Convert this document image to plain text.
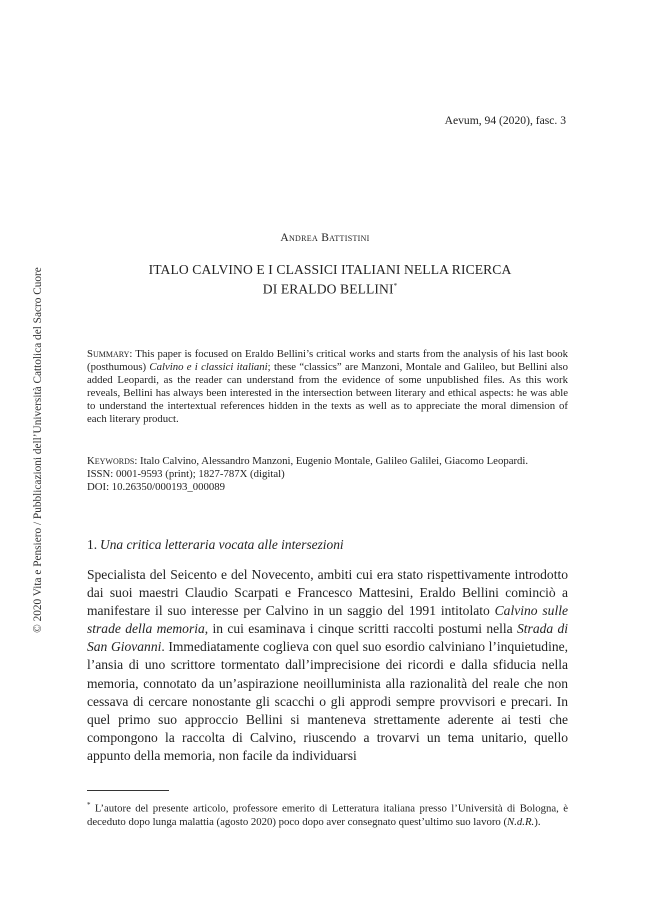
© 2020 Vita e Pensiero / Pubblicazioni dell’Università Cattolica del Sacro Cuore
Aevum, 94 (2020), fasc. 3
Andrea Battistini
ITALO CALVINO E I CLASSICI ITALIANI NELLA RICERCA
DI ERALDO BELLINI*
Summary: This paper is focused on Eraldo Bellini’s critical works and starts from the analysis of his last book (posthumous) Calvino e i classici italiani; these “classics” are Manzoni, Montale and Galileo, but Bellini also added Leopardi, as the reader can understand from the evidence of some unpublished files. As this work reveals, Bellini has always been interested in the intersection between literary and ethical aspects: he was able to understand the intertextual references hidden in the texts as well as to appreciate the moral dimension of each literary product.
Keywords: Italo Calvino, Alessandro Manzoni, Eugenio Montale, Galileo Galilei, Giacomo Leopardi.
ISSN: 0001-9593 (print); 1827-787X (digital)
DOI: 10.26350/000193_000089
1. Una critica letteraria vocata alle intersezioni
Specialista del Seicento e del Novecento, ambiti cui era stato rispettivamente introdotto dai suoi maestri Claudio Scarpati e Francesco Mattesini, Eraldo Bellini cominciò a manifestare il suo interesse per Calvino in un saggio del 1991 intitolato Calvino sulle strade della memoria, in cui esaminava i cinque scritti raccolti postumi nella Strada di San Giovanni. Immediatamente coglieva con quel suo esordio calviniano l’inquietudine, l’ansia di uno scrittore tormentato dall’imprecisione dei ricordi e dalla sfiducia nella memoria, connotato da un’aspirazione neoilluminista alla razionalità del reale che non cessava di cercare nonostante gli scacchi o gli approdi sempre provvisori e precari. In quel primo suo approccio Bellini si manteneva strettamente aderente ai testi che compongono la raccolta di Calvino, riuscendo a trovarvi un tema unitario, quello appunto della memoria, non facile da individuarsi
* L’autore del presente articolo, professore emerito di Letteratura italiana presso l’Università di Bologna, è deceduto dopo lunga malattia (agosto 2020) poco dopo aver consegnato quest’ultimo suo lavoro (N.d.R.).
